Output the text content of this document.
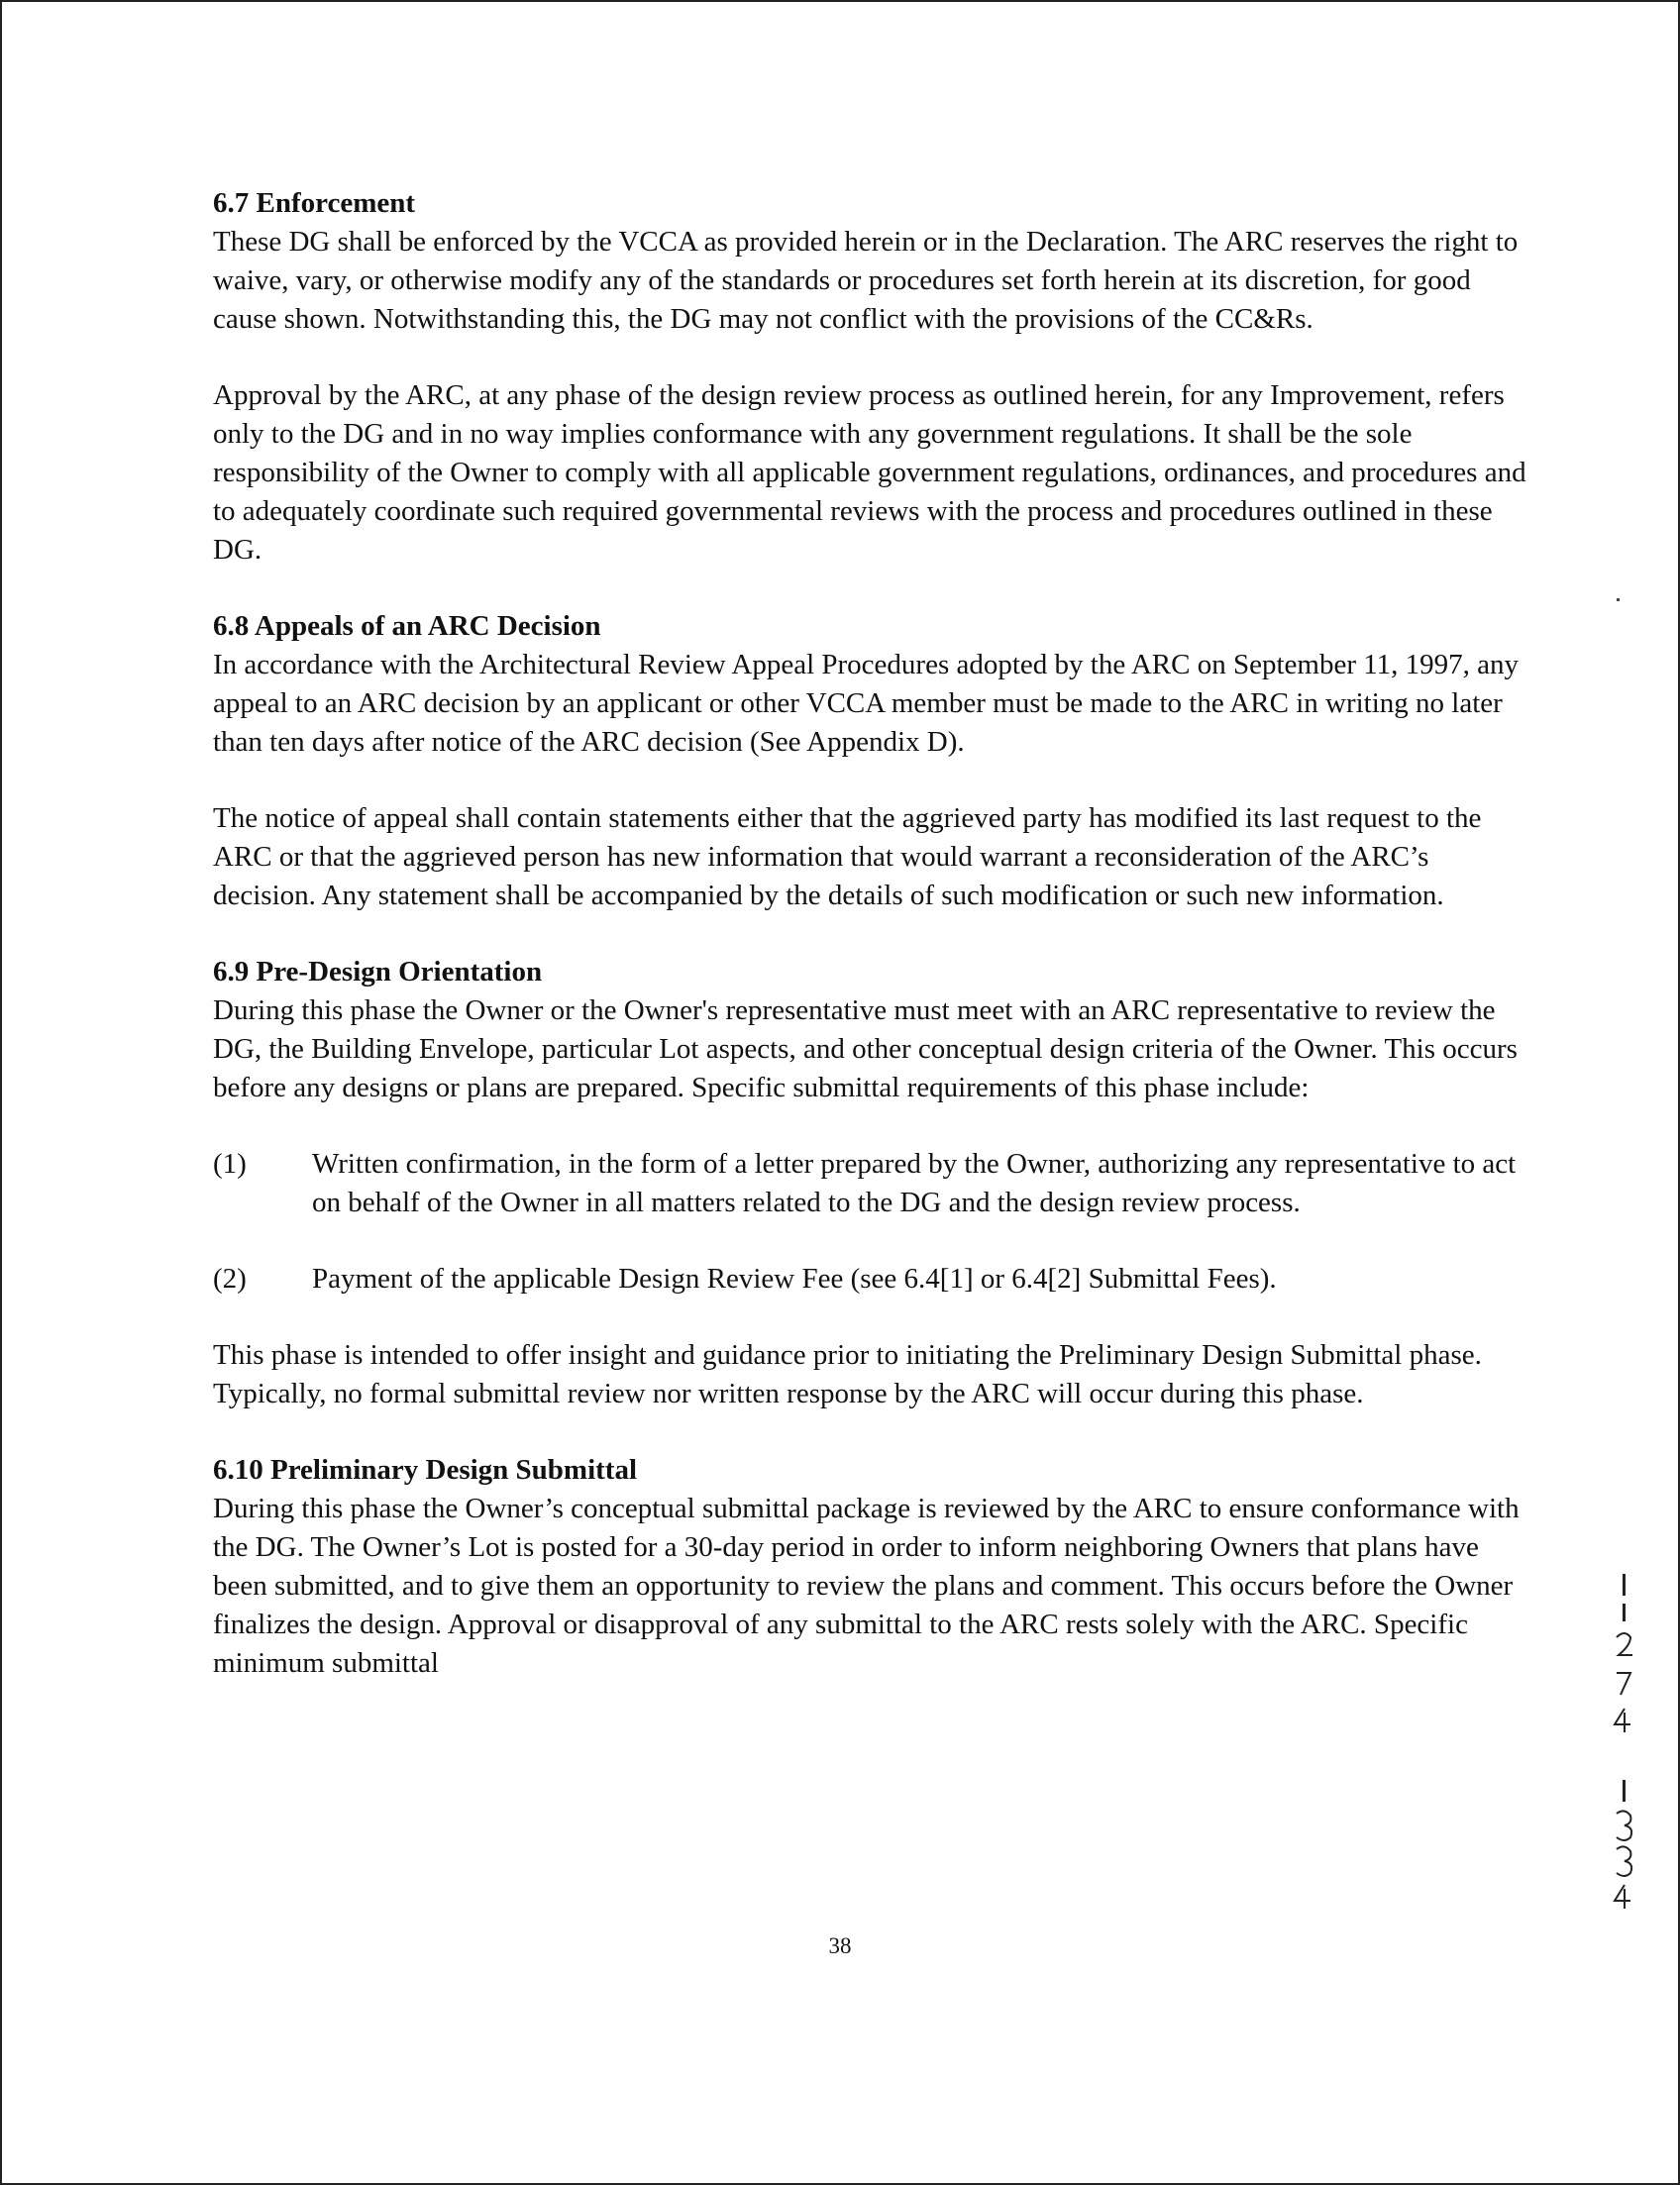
6.7 Enforcement

These DG shall be enforced by the VCCA as provided herein or in the Declaration. The ARC reserves the right to waive, vary, or otherwise modify any of the standards or procedures set forth herein at its discretion, for good cause shown. Notwithstanding this, the DG may not conflict with the provisions of the CC&Rs.

Approval by the ARC, at any phase of the design review process as outlined herein, for any Improvement, refers only to the DG and in no way implies conformance with any government regulations. It shall be the sole responsibility of the Owner to comply with all applicable government regulations, ordinances, and procedures and to adequately coordinate such required governmental reviews with the process and procedures outlined in these DG.

6.8 Appeals of an ARC Decision

In accordance with the Architectural Review Appeal Procedures adopted by the ARC on September 11, 1997, any appeal to an ARC decision by an applicant or other VCCA member must be made to the ARC in writing no later than ten days after notice of the ARC decision (See Appendix D).

The notice of appeal shall contain statements either that the aggrieved party has modified its last request to the ARC or that the aggrieved person has new information that would warrant a reconsideration of the ARC’s decision. Any statement shall be accompanied by the details of such modification or such new information.

6.9 Pre-Design Orientation

During this phase the Owner or the Owner's representative must meet with an ARC representative to review the DG, the Building Envelope, particular Lot aspects, and other conceptual design criteria of the Owner. This occurs before any designs or plans are prepared. Specific submittal requirements of this phase include:

(1) Written confirmation, in the form of a letter prepared by the Owner, authorizing any representative to act on behalf of the Owner in all matters related to the DG and the design review process.
(2) Payment of the applicable Design Review Fee (see 6.4[1] or 6.4[2] Submittal Fees).

This phase is intended to offer insight and guidance prior to initiating the Preliminary Design Submittal phase. Typically, no formal submittal review nor written response by the ARC will occur during this phase.

6.10 Preliminary Design Submittal

During this phase the Owner’s conceptual submittal package is reviewed by the ARC to ensure conformance with the DG. The Owner’s Lot is posted for a 30-day period in order to inform neighboring Owners that plans have been submitted, and to give them an opportunity to review the plans and comment. This occurs before the Owner finalizes the design. Approval or disapproval of any submittal to the ARC rests solely with the ARC. Specific minimum submittal

38
